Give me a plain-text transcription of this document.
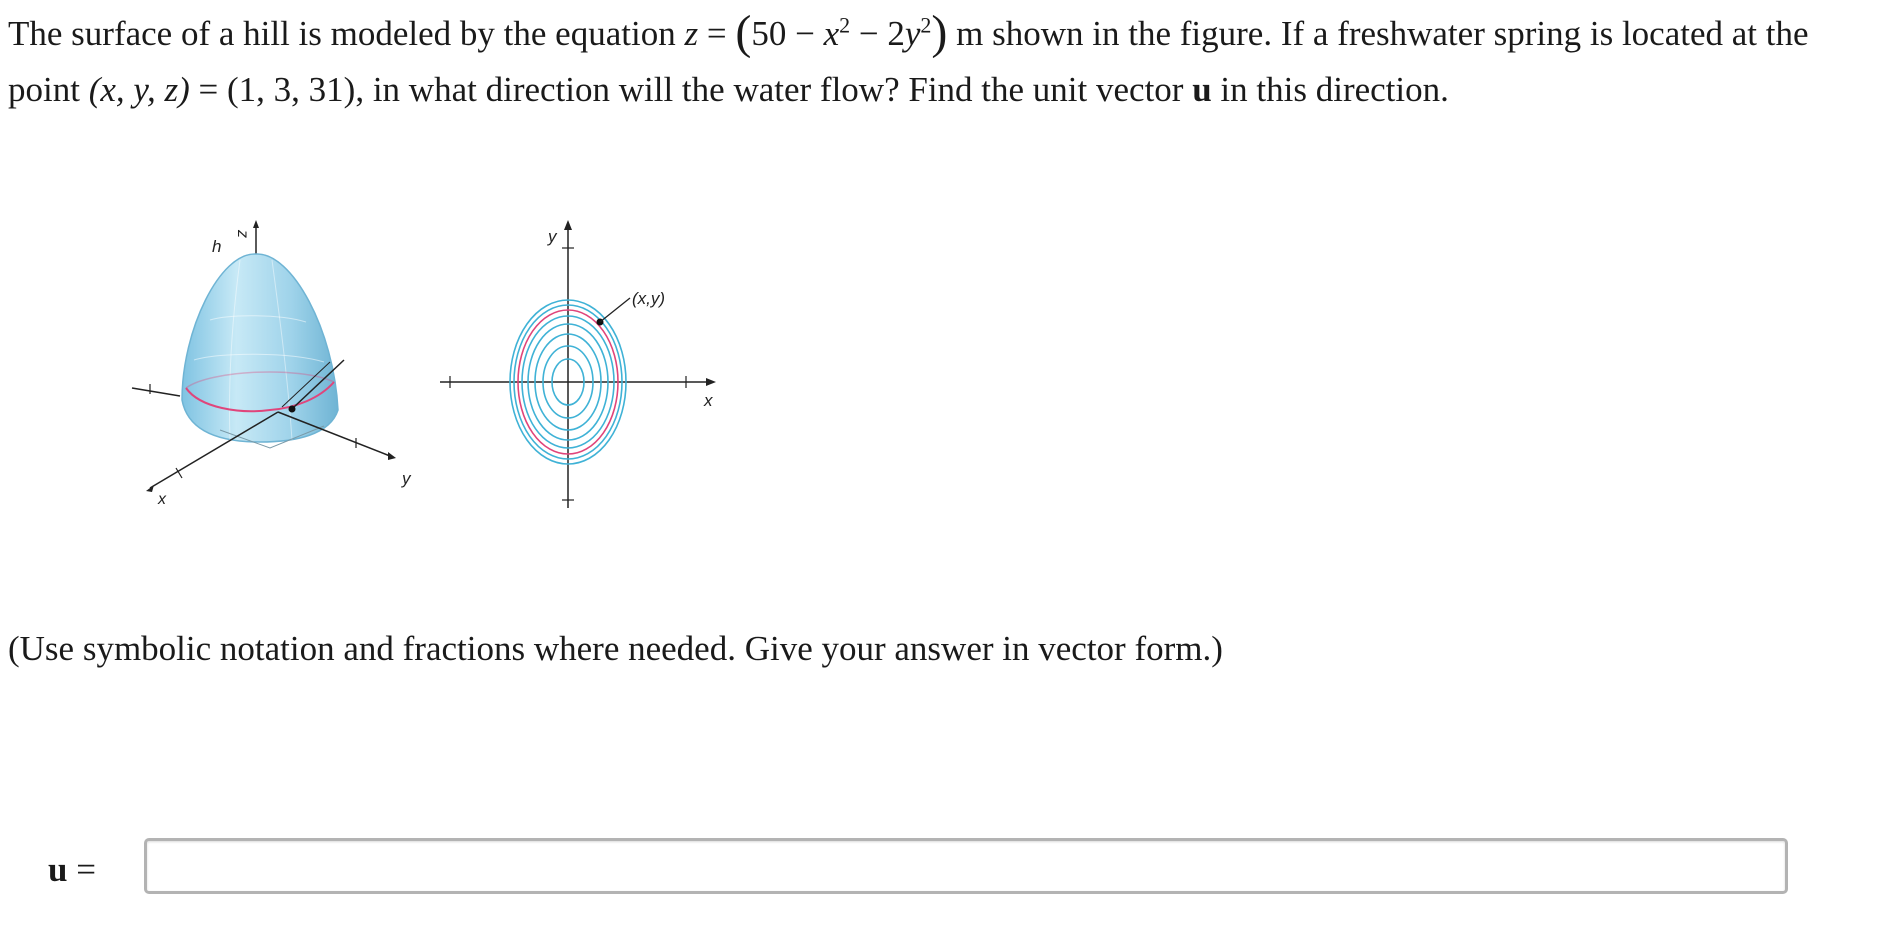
The surface of a hill is modeled by the equation $z = (50 - x^2 - 2y^2)$ m shown in the figure. If a freshwater spring is located at the point (x, y, z) = (1, 3, 31), in what direction will the water flow? Find the unit vector u in this direction.

h
z
x
y
(x,y)
y
x

(Use symbolic notation and fractions where needed. Give your answer in vector form.)

u =
